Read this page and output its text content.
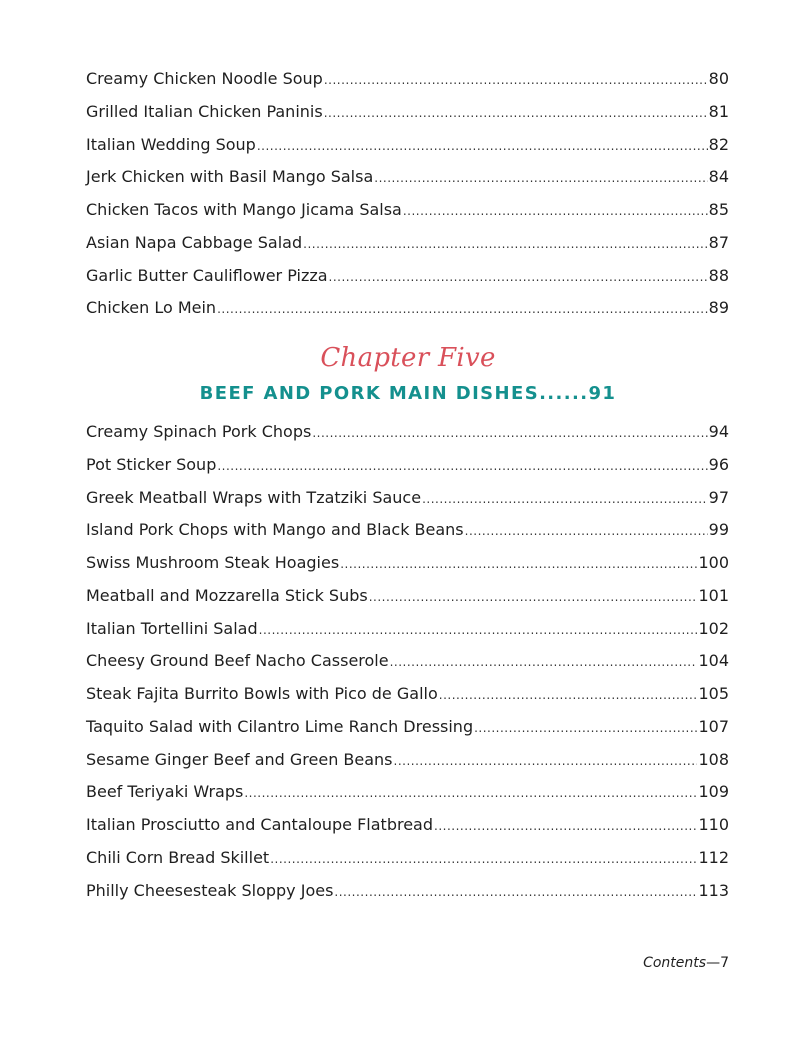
Creamy Chicken Noodle Soup .....	80
Grilled Italian Chicken Paninis .....	81
Italian Wedding Soup .....	82
Jerk Chicken with Basil Mango Salsa .....	84
Chicken Tacos with Mango Jicama Salsa .....	85
Asian Napa Cabbage Salad .....	87
Garlic Butter Cauliflower Pizza .....	88
Chicken Lo Mein .....	89
Chapter Five
BEEF AND PORK MAIN DISHES......91
Creamy Spinach Pork Chops .....	94
Pot Sticker Soup .....	96
Greek Meatball Wraps with Tzatziki Sauce .....	97
Island Pork Chops with Mango and Black Beans .....	99
Swiss Mushroom Steak Hoagies .....	100
Meatball and Mozzarella Stick Subs .....	101
Italian Tortellini Salad .....	102
Cheesy Ground Beef Nacho Casserole .....	104
Steak Fajita Burrito Bowls with Pico de Gallo .....	105
Taquito Salad with Cilantro Lime Ranch Dressing .....	107
Sesame Ginger Beef and Green Beans .....	108
Beef Teriyaki Wraps .....	109
Italian Prosciutto and Cantaloupe Flatbread .....	110
Chili Corn Bread Skillet .....	112
Philly Cheesesteak Sloppy Joes .....	113
Contents—7
